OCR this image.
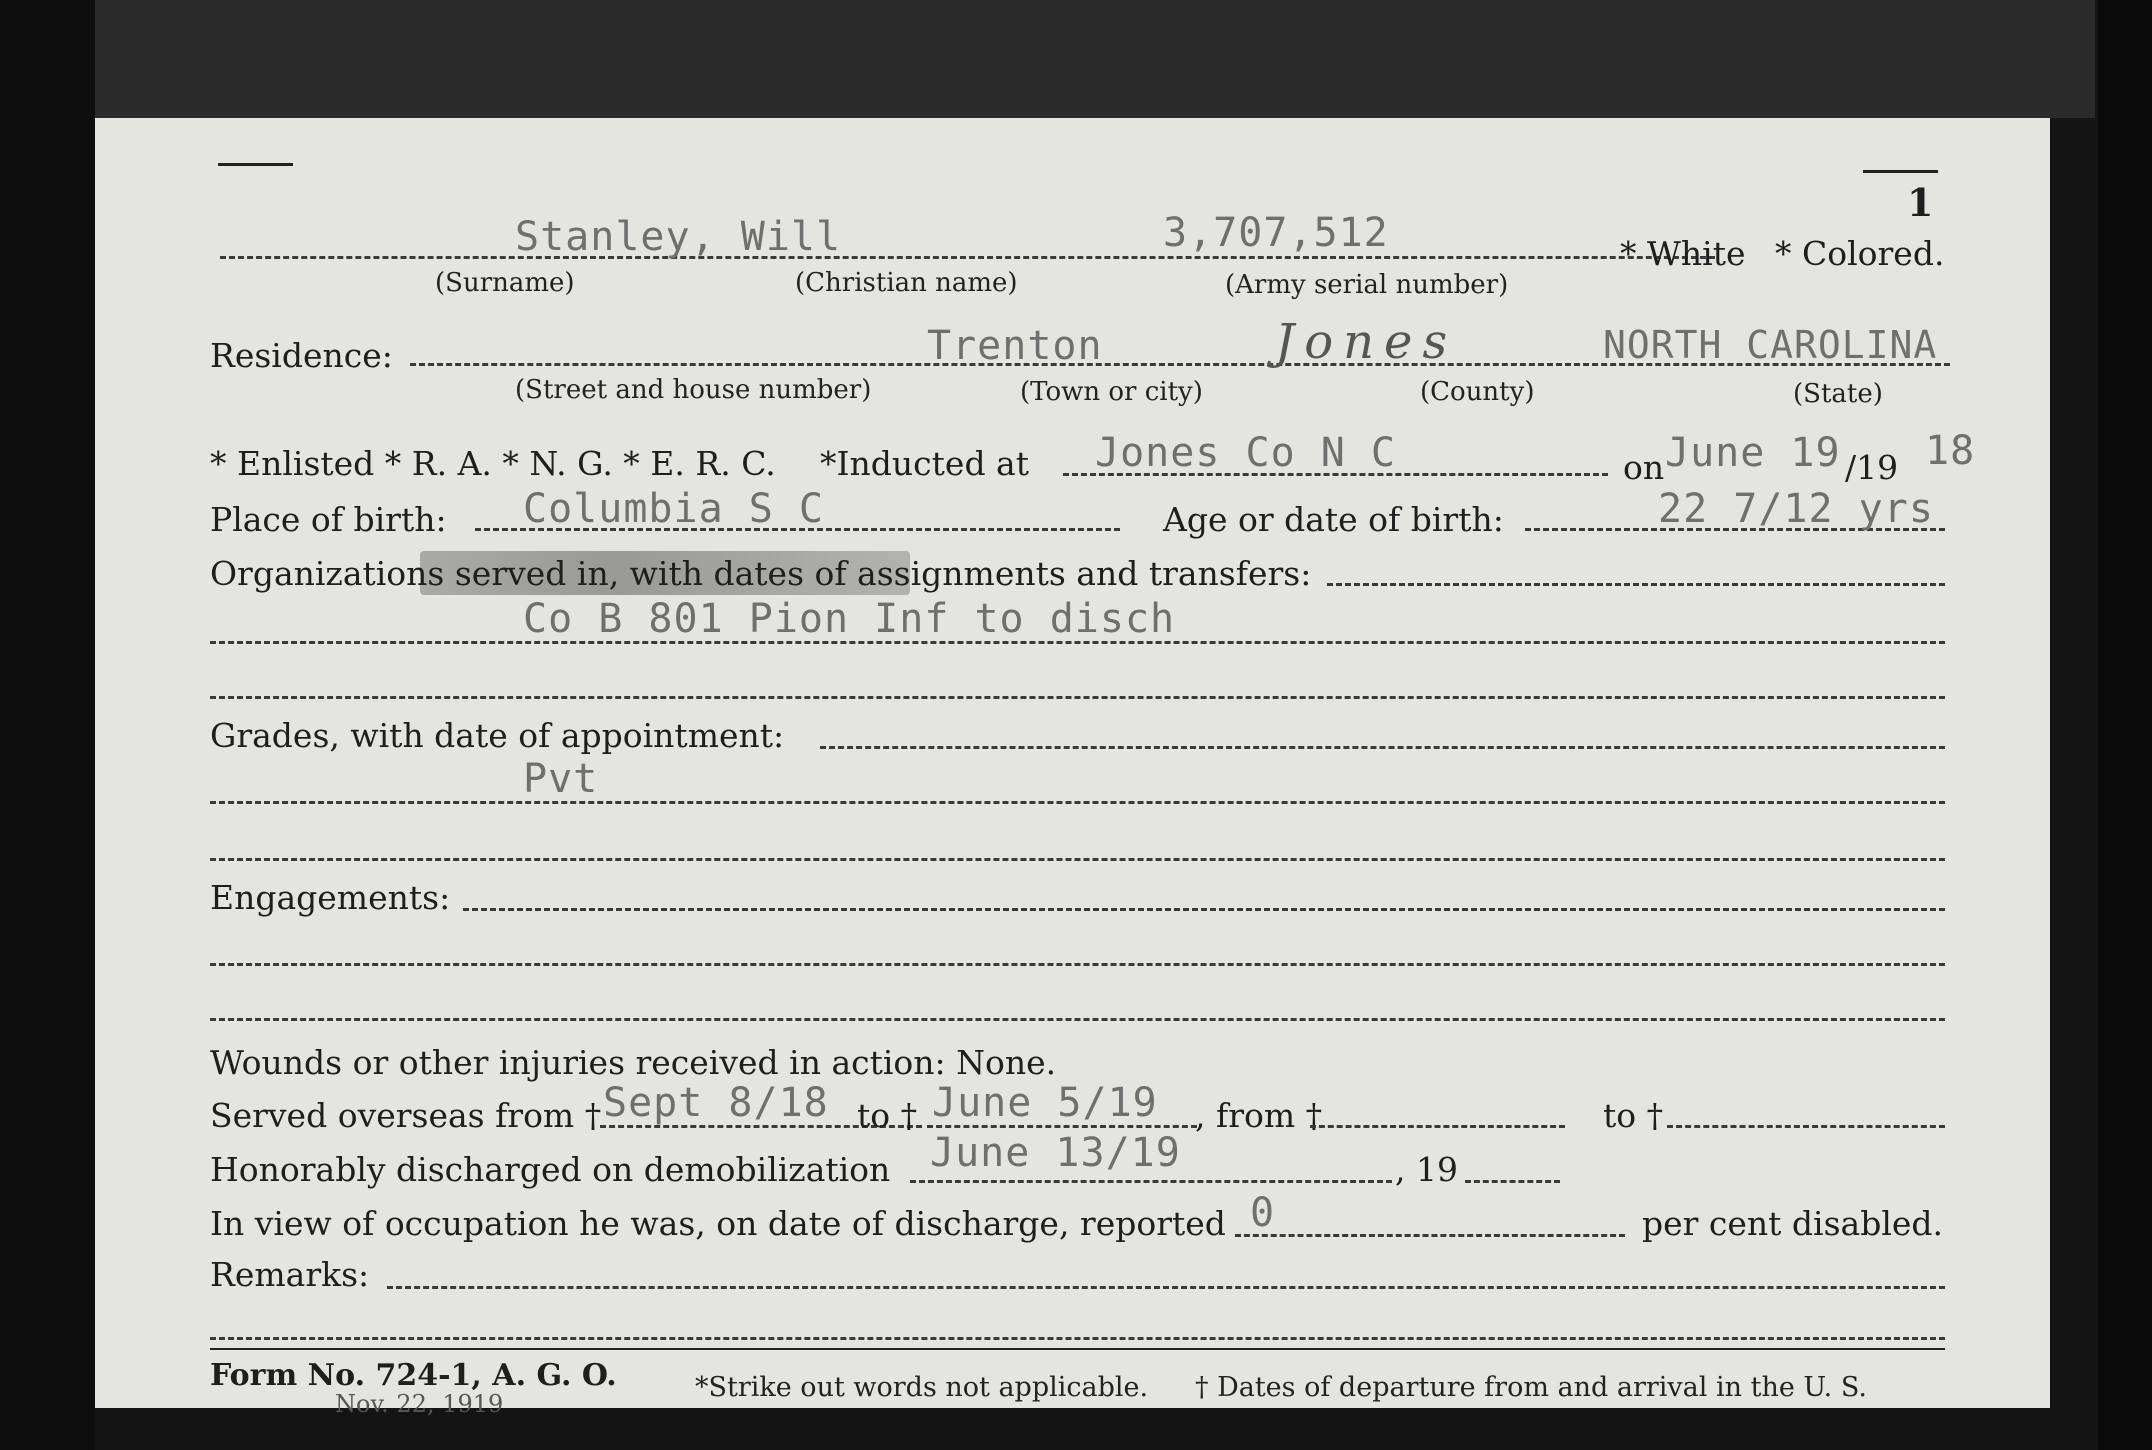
1
Stanley, Will	3,707,512	* White * Colored.
(Surname)	(Christian name)	(Army serial number)
Residence:	Trenton	Jones	NORTH CAROLINA
(Street and house number)	(Town or city)	(County)	(State)
* Enlisted * R. A. * N. G. * E. R. C. *Inducted at Jones Co N C	on June 19 /19 18
Place of birth: Columbia S C	Age or date of birth:	22 7/12 yrs
Organizations served in, with dates of assignments and transfers:
Co B 801 Pion Inf to disch
Grades, with date of appointment:
Pvt
Engagements:
Wounds or other injuries received in action: None.
Served overseas from † Sept 8/18 to † June 5/19 , from †	to †
Honorably discharged on demobilization June 13/19	, 19
In view of occupation he was, on date of discharge, reported 0	per cent disabled.
Remarks:
Form No. 724-1, A. G. O.
Nov. 22, 1919
*Strike out words not applicable. † Dates of departure from and arrival in the U. S.
